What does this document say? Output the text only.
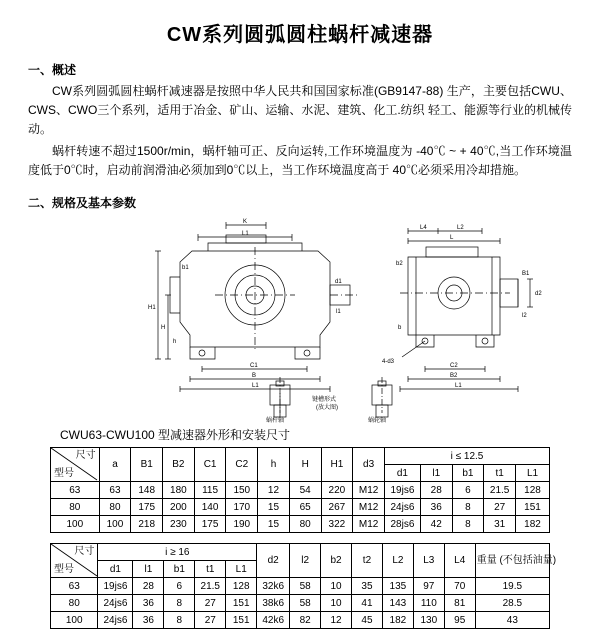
CW系列圆弧圆柱蜗杆减速器
一、概述

CW系列圆弧圆柱蜗杆减速器是按照中华人民共和国国家标准(GB9147-88) 生产，主要包括CWU、CWS、CWO三个系列，适用于冶金、矿山、运输、水泥、建筑、化工.纺织 轻工、能源等行业的机械传动。

蜗杆转速不超过1500r/min，蜗杆轴可正、反向运转,工作环境温度为 -40℃ ~ + 40℃,当工作环境温度低于0℃时，启动前润滑油必须加到0℃以上，当工作环境温度高于 40℃必须采用冷却措施。

二、规格及基本参数
K
L1
C1
B
L1
H1
H
h
b1
d1
l1
L4	L2
L
4-d3
C2
B2
L1
d2
B1
l2
b2
b
键槽形式
(放大图)
蜗杆轴	蜗轮轴
CWU63-CWU100 型减速器外形和安装尺寸
尺寸
型号	a	B1	B2	C1	C2	h	H	H1	d3	i ≤ 12.5				
										d1	l1	b1	t1	L1
63	63	148	180	115	150	12	54	220	M12	19js6	28	6	21.5	128
80	80	175	200	140	170	15	65	267	M12	24js6	36	8	27	151
100	100	218	230	175	190	15	80	322	M12	28js6	42	8	31	182
尺寸
型号	i ≥ 16					d2	l2	b2	t2	L2	L3	L4	重量 (不包括油量)
	d1	l1	b1	t1	L1								
63	19js6	28	6	21.5	128	32k6	58	10	35	135	97	70	19.5
80	24js6	36	8	27	151	38k6	58	10	41	143	110	81	28.5
100	24js6	36	8	27	151	42k6	82	12	45	182	130	95	43
